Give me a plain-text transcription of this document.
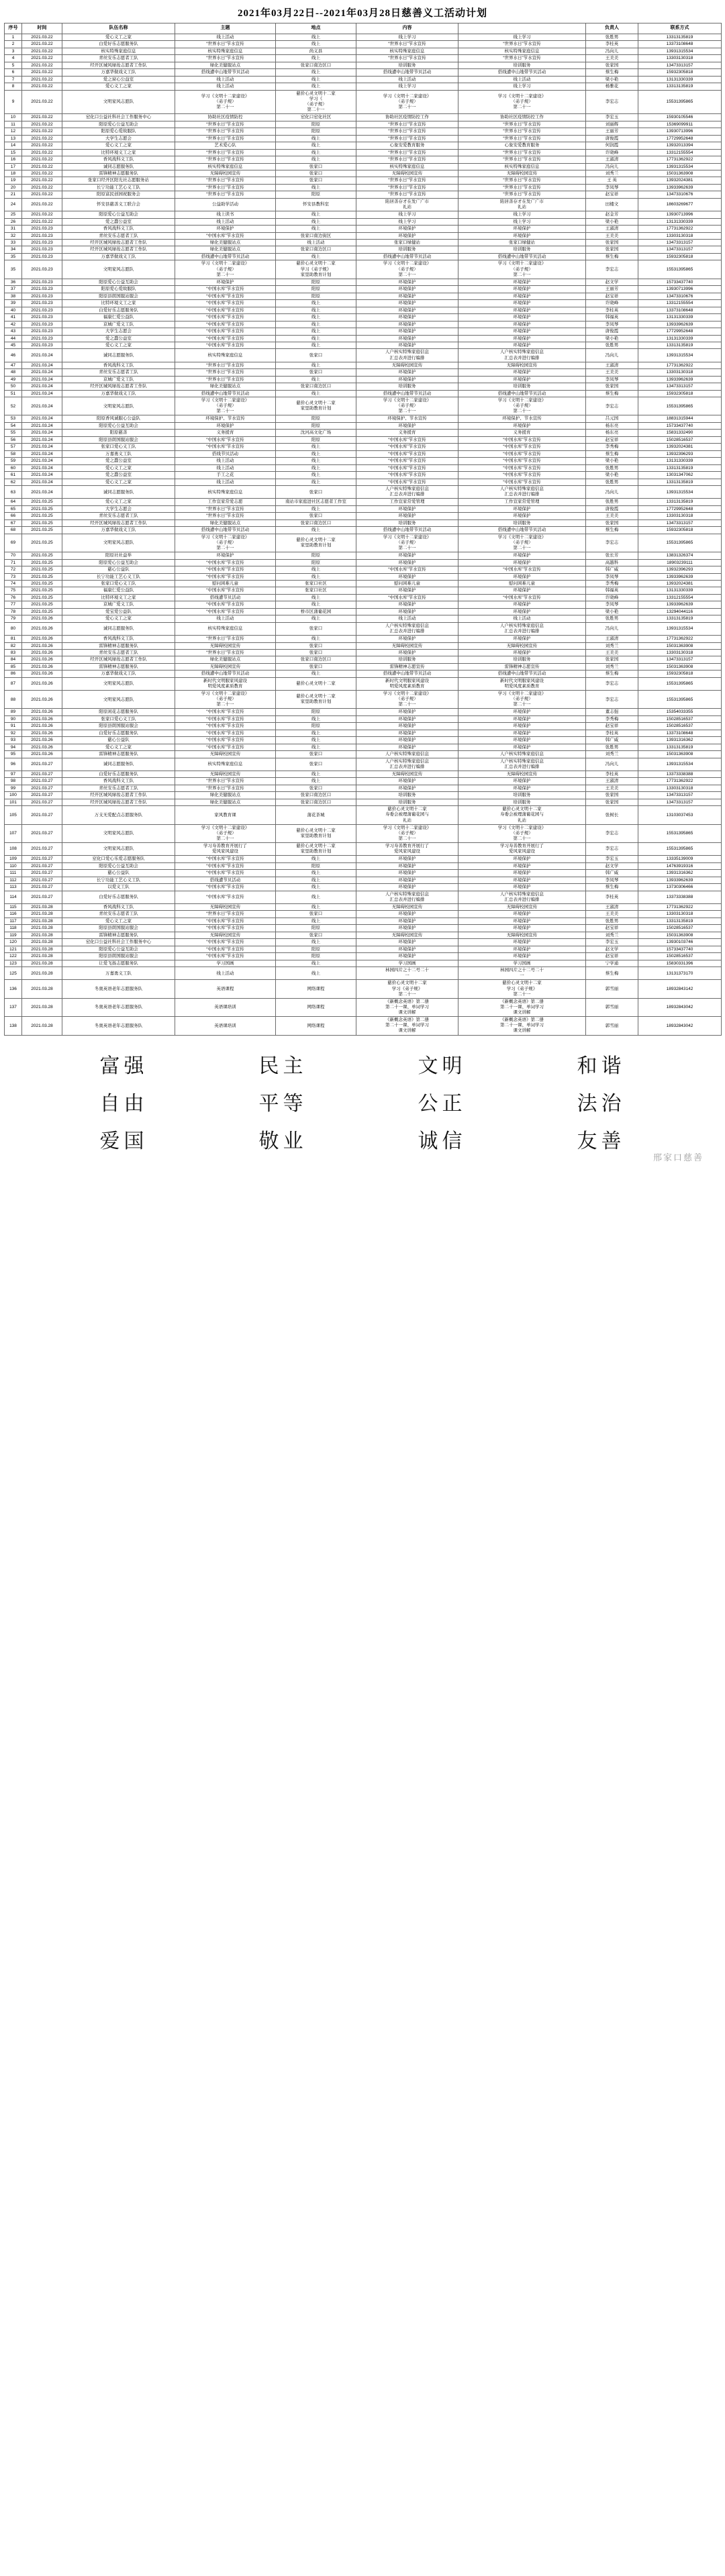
2021年03月22日--2021年03月28日慈善义工活动计划
序号	时间	队伍名称	主题	地点	内容		负责人	联系方式
1	2021.03.22	爱心义工之家	线上活动	线上	线上学习	线上学习	张胜男	13313135819
2	2021.03.22	白爱好乐志愿服务队	“世界水日”节水宣传	线上	“世界水日”节水宣传	“世界水日”节水宣传	李桂英	13373108648
3	2021.03.22	核实特殊家庭信息	核实特殊家庭信息	尚义县	核实特殊家庭信息	核实特殊家庭信息	冯向儿	13931315534
4	2021.03.22	青丝安乐志愿者工队	“世界水日”节水宣传	线上	“世界水日”节水宣传	“世界水日”节水宣传	王美美	13303130318
5	2021.03.22	经开区城风绿妆志愿者工作队	绿化美健服站点	张家口南边区口	培训服务	培训服务	张家国	13473313157
6	2021.03.22	万嘉华做戏义工队	搭线遭中山地带节贝活动	线上	搭线遭中山地带节贝活动	搭线遭中山地带节贝活动	蔡生梅	15932305818
7	2021.03.22	爱之窗心公益室	线上活动	线上	线上活动	线上活动	梁小艳	13131330339
8	2021.03.22	爱心义工之家	线上活动	线上	线上学习	线上学习	杨雅花	13313135819
9	2021.03.22	文明家风志愿队	学习《文明十二家建设》
（弟子规）
第二十一	慈价心灵文明十二家
学习《
（弟子规）
第二十一	学习《文明十二家建设》
（弟子规）
第二十一	学习《文明十二家建设》
（弟子规）
第二十一	李宏志	15531395865
10	2021.03.22	窒化口公益社科社会工作服务中心	协助社区疫情防控	窒化口窒化社区	协助社区疫情防控工作	协助社区疫情防控工作	李宏玉	15930105546
11	2021.03.22	阳原爱心公益互助会	“世界水日”节水宣传	阳原	“世界水日”节水宣传	“世界水日”节水宣传	刘丽辉	15369099911
12	2021.03.22	阳原爱心爱故服队	“世界水日”节水宣传	阳原	“世界水日”节水宣传	“世界水日”节水宣传	王丽芳	13930713996
13	2021.03.22	大学生志愿会	“世界水日”节水宣传	线上	“世界水日”节水宣传	“世界水日”节水宣传	唐俊霞	17729952648
14	2021.03.22	爱心义工之家	艺术爱心队	线上	心象安爱教育服务	心象安爱教育服务	何润霞	13932013394
15	2021.03.22	比特环境义工之家	“世界水日”节水宣传	线上	“世界水日”节水宣传	“世界水日”节水宣传	许晓峰	13312155554
16	2021.03.22	香风战科义工队	“世界水日”节水宣传	线上	“世界水日”节水宣传	“世界水日”节水宣传	王淑清	17731362922
17	2021.03.22	诚同志愿服务队	核实特殊家庭信息	张家口	核实特殊家庭信息	核实特殊家庭信息	冯向儿	13931315534
18	2021.03.22	雷锋精神志愿服务队	无障碍校园宣传	张家口	无障碍校园宣传	无障碍校园宣传	刘秀兰	15031363908
19	2021.03.22	张家口经开区阳光社志愿服务站	“世界水日”节水宣传	张家口	“世界水日”节水宣传	“世界水日”节水宣传	王 英	13932024381
20	2021.03.22	长宁功能工艺心义工队	“世界水日”节水宣传	线上	“世界水日”节水宣传	“世界水日”节水宣传	李凤琴	13933962639
21	2021.03.22	阳原富民创园祝服务会	“世界水日”节水宣传	阳原	“世界水日”节水宣传	“世界水日”节水宣传	赵宝祥	13473310676
24	2021.03.22	怀安县慈善义工联合会	公益助学活动	怀安县教科室	陷居善存才在发广广市
礼站	陷居善存才在发广广市
礼站	田楼文	18603269677
25	2021.03.22	阳原爱心公益互助会	线上读书	线上	线上学习	线上学习	赵金芳	13930713996
26	2021.03.22	爱之蠢公益室	线上活动	线上	线上学习	线上学习	梁小艳	13131330339
31	2021.03.23	香风战科义工队	环境保护	线上	环境保护	环境保护	王淑清	17731362922
32	2021.03.23	青丝安乐志愿者工队	“中国水库”节水宣传	张家口南边街区	环境保护	环境保护	王美美	13303130318
33	2021.03.23	经开区城风绿妆志愿者工作队	绿化美健服站点	线上活动	张家口绿健站	张家口绿健站	张家国	13473313157
34	2021.03.23	经开区城风绿妆志愿者工作队	绿化美健服站点	张家口南边区口	培训服务	培训服务	张家国	13473313157
35	2021.03.23	万嘉华做戏义工队	搭线遭中山地带节贝活动	线上	搭线遭中山地带节贝活动	搭线遭中山地带节贝活动	蔡生梅	15932305818
35	2021.03.23	文明家风志愿队	学习《文明十二家建设》
（弟子规）
第二十一	慈价心灵文明十二家
学习《弟子规》
家里助教育计划	学习《文明十二家建设》
（弟子规）
第二十一	学习《文明十二家建设》
（弟子规）
第二十一	李宏志	15531395865
36	2021.03.23	阳原爱心公益互助会	环境保护	阳原	环境保护	环境保护	赵文学	15733437740
37	2021.03.23	阳原爱心爱故服队	“中国水库”节水宣传	阳原	环境保护	环境保护	王丽芳	13930713996
38	2021.03.23	阳原县朗国服站服会	“中国水库”节水宣传	阳原	环境保护	环境保护	赵宝祥	13473310676
39	2021.03.23	比特环境义工之家	“中国水库”节水宣传	线上	环境保护	环境保护	许晓峰	13312155554
40	2021.03.23	白爱好乐志愿服务队	“中国水库”节水宣传	线上	环境保护	环境保护	李桂英	13373108648
41	2021.03.23	福康仁爱公益队	“中国水库”节水宣传	线上	环境保护	环境保护	韩福英	13131330339
42	2021.03.23	京城广爱义工队	“中国水库”节水宣传	线上	环境保护	环境保护	李凤琴	13933962639
43	2021.03.23	大学生志愿会	“中国水库”节水宣传	线上	环境保护	环境保护	唐俊霞	17729952648
44	2021.03.23	爱之蠢公益室	“中国水库”节水宣传	线上	环境保护	环境保护	梁小艳	13131330339
45	2021.03.23	爱心义工之家	“中国水库”节水宣传	线上	环境保护	环境保护	张胜男	13313135819
46	2021.03.24	诚同志愿服务队	核实特殊家庭信息	张家口	人户核实特殊家庭信息
汇总表并进行编排	人户核实特殊家庭信息
汇总表并进行编排	冯向儿	13931315534
47	2021.03.24	香风战科义工队	“世界水日”节水宣传	线上	无障碍校园宣传	无障碍校园宣传	王淑清	17731362922
48	2021.03.24	青丝安乐志愿者工队	“世界水日”节水宣传	张家口	环境保护	环境保护	王美美	13303130318
49	2021.03.24	京城广爱义工队	“世界水日”节水宣传	线上	环境保护	环境保护	李凤琴	13933962639
50	2021.03.24	经开区城风绿妆志愿者工作队	绿化美健服站点	张家口南边区口	培训服务	培训服务	张家国	13473313157
51	2021.03.24	万嘉华做戏义工队	搭线遭中山地带节贝活动	线上	搭线遭中山地带节贝活动	搭线遭中山地带节贝活动	蔡生梅	15932305818
52	2021.03.24	文明家风志愿队	学习《文明十二家建设》
（弟子规）
第二十一	慈价心灵文明十二家
家里助教育计划	学习《文明十二家建设》
（弟子规）
第二十一	学习《文明十二家建设》
（弟子规）
第二十一	李宏志	15531395865
53	2021.03.24	阳原香风诚服心公益队	环境保护、节水宣传	阳原	环境保护、节水宣传	环境保护、节水宣传	吕元国	18831315944
54	2021.03.24	阳原爱心公益互助会	环境保护	阳原	环境保护	环境保护	杨东亮	15733437740
55	2021.03.24	阳原慈善	义务援育	沈河高文化广场	义务援育	义务援育	杨东亮	15831332490
56	2021.03.24	阳原县朗国服站服会	“中国水库”节水宣传	阳原	“中国水库”节水宣传	“中国水库”节水宣传	赵宝祥	15028516537
57	2021.03.24	张家口爱心义工队	“中国水库”节水宣传	线上	“中国水库”节水宣传	“中国水库”节水宣传	李秀梅	13932024381
58	2021.03.24	万嘉勇义工队	搭线节贝活动	线上	“中国水库”节水宣传	“中国水库”节水宣传	蔡生梅	13932396293
59	2021.03.24	爱之蠢公益室	线上活动	线上	“中国水库”节水宣传	“中国水库”节水宣传	梁小艳	13131330339
60	2021.03.24	爱心义工之家	线上活动	线上	“中国水库”节水宣传	“中国水库”节水宣传	张胜男	13313135819
61	2021.03.24	爱之蠢公益室	手工之花	线上	“中国水库”节水宣传	“中国水库”节水宣传	梁小艳	13031347062
62	2021.03.24	爱心义工之家	线上活动	线上	“中国水库”节水宣传	“中国水库”节水宣传	张胜男	13313135819
63	2021.03.24	诚同志愿服务队	核实特殊家庭信息	张家口	人户核实特殊家庭信息
汇总表并进行编排	人户核实特殊家庭信息
汇总表并进行编排	冯向儿	13931315534
64	2021.03.25	爱心义工之家	工作宣家常爱志愿	南站市家庭进社区志愿者工作室	工作宣家常爱管理	工作宣家常爱管理	张胜男	13313135819
65	2021.03.25	大学生志愿会	“世界水日”节水宣传	线上	环境保护	环境保护	唐俊霞	17729952648
66	2021.03.25	青丝安乐志愿者工队	“世界水日”节水宣传	张家口	环境保护	环境保护	王美美	13303130318
67	2021.03.25	经开区城风绿妆志愿者工作队	绿化美健服站点	张家口南边区口	培训服务	培训服务	张家国	13473313157
68	2021.03.25	万嘉华做戏义工队	搭线遭中山地带节贝活动	线上	搭线遭中山地带节贝活动	搭线遭中山地带节贝活动	蔡生梅	15932305818
69	2021.03.25	文明家风志愿队	学习《文明十二家建设》
（弟子规）
第二十一	慈价心灵文明十二家
家里助教育计划	学习《文明十二家建设》
（弟子规）
第二十一	学习《文明十二家建设》
（弟子规）
第二十一	李宏志	15531395865
70	2021.03.25	阳原社社益举	环境保护	阳原	环境保护	环境保护	张长芳	13831326374
71	2021.03.25	阳原爱心公益互助会	“中国水库”节水宣传	阳原	环境保护	环境保护	高越科	18903239111
72	2021.03.25	慈心公益队	“中国水库”节水宣传	线上	“中国水库”节水宣传	“中国水库”节水宣传	韩广威	13932396293
73	2021.03.25	长宁功能工艺心义工队	“中国水库”节水宣传	线上	环境保护	环境保护	李凤琴	13933962639
74	2021.03.25	张家口爱心义工队	慰问困难儿童	张家口社区	慰问困难儿童	慰问困难儿童	李秀梅	13932024381
75	2021.03.25	福康仁爱公益队	“中国水库”节水宣传	张家口社区	环境保护	环境保护	韩福英	13131330339
76	2021.03.25	比特环境义工之家	搭线遭节贝活动	线上	“中国水库”节水宣传	“中国水库”节水宣传	许晓峰	13312155554
77	2021.03.25	京城广爱义工队	“中国水库”节水宣传	线上	环境保护	环境保护	李凤琴	13933962639
78	2021.03.25	爱宝爱公益队	“中国水库”节水宣传	桥市区蒲葡花园	环境保护	环境保护	梁小艳	13294044116
79	2021.03.26	爱心义工之家	线上活动	线上	线上活动	线上活动	张胜男	13313135819
80	2021.03.26	诚同志愿服务队	核实特殊家庭信息	张家口	人户核实特殊家庭信息
汇总表并进行编排	人户核实特殊家庭信息
汇总表并进行编排	冯向儿	13931315534
81	2021.03.26	香风战科义工队	“世界水日”节水宣传	线上	环境保护	环境保护	王淑清	17731362922
82	2021.03.26	雷锋精神志愿服务队	无障碍校园宣传	张家口	无障碍校园宣传	无障碍校园宣传	刘秀兰	15031363908
83	2021.03.26	青丝安乐志愿者工队	“世界水日”节水宣传	张家口	环境保护	环境保护	王美美	13303130318
84	2021.03.26	经开区城风绿妆志愿者工作队	绿化美健服站点	张家口南边区口	培训服务	培训服务	张家国	13473313157
85	2021.03.26	雷锋精神志愿服务队	无障碍校园宣传	张家口	雷锋精神志愿宣传	雷锋精神志愿宣传	刘秀兰	15031363908
86	2021.03.26	万嘉华做戏义工队	搭线遭中山地带节贝活动	线上	搭线遭中山地带节贝活动	搭线遭中山地带节贝活动	蔡生梅	15932305818
87	2021.03.26	文明家风志愿队	新时代文明服家风建设
明爱风度素质教育	慈价心灵文明十二家	新时代文明服家风建设
明爱风度素质教育	新时代文明服家风建设
明爱风度素质教育	李宏志	15531395865
88	2021.03.26	文明家风志愿队	学习《文明十二家建设》
（弟子规）
第二十一	慈价心灵文明十二家
家里助教育计划	学习《文明十二家建设》
（弟子规）
第二十一	学习《文明十二家建设》
（弟子规）
第二十一	李宏志	15531395865
89	2021.03.26	阳原闲花志愿服务队	“中国水库”节水宣传	阳原	环境保护	环境保护	董志强	15354033355
90	2021.03.26	张家口爱心义工队	“中国水库”节水宣传	线上	环境保护	环境保护	李秀梅	15028516537
91	2021.03.26	阳原县朗国服站服会	“中国水库”节水宣传	阳原	环境保护	环境保护	赵宝祥	15028516537
92	2021.03.26	白爱好乐志愿服务队	“中国水库”节水宣传	线上	环境保护	环境保护	李桂英	13373108648
93	2021.03.26	慈心公益队	“中国水库”节水宣传	线上	环境保护	环境保护	韩广威	13931316362
94	2021.03.26	爱心义工之家	“中国水库”节水宣传	线上	环境保护	环境保护	张胜男	13313135819
95	2021.03.26	雷锋精神志愿服务队	无障碍校园宣传	张家口	人户核实特殊家庭信息	人户核实特殊家庭信息	刘秀兰	15031363908
96	2021.03.27	诚同志愿服务队	核实特殊家庭信息	张家口	人户核实特殊家庭信息
汇总表并进行编排	人户核实特殊家庭信息
汇总表并进行编排	冯向儿	13931315534
97	2021.03.27	白爱好乐志愿服务队	无障碍校园宣传	线上	无障碍校园宣传	无障碍校园宣传	李桂英	13373338388
98	2021.03.27	香风战科义工队	“世界水日”节水宣传	线上	环境保护	环境保护	王淑清	17731362922
99	2021.03.27	青丝安乐志愿者工队	“世界水日”节水宣传	张家口	环境保护	环境保护	王美美	13303130318
100	2021.03.27	经开区城风绿妆志愿者工作队	绿化美健服站点	张家口南边区口	培训服务	培训服务	张家国	13473313157
101	2021.03.27	经开区城风绿妆志愿者工作队	绿化美健服站点	张家口南边区口	培训服务	培训服务	张家国	13473313157
105	2021.03.27	万支无爱配点志愿服务队	家风教育课	蒲花茶城	慈价心灵文明十二家
寿委会被理蒲葡花园与
礼站	慈价心灵文明十二家
寿委会被理蒲葡花园与
礼站	张树长	13103037453
107	2021.03.27	文明家风志愿队	学习《文明十二家建设》
（弟子规）
第二十一	慈价心灵文明十二家
家里助教育计划	学习《文明十二家建设》
（弟子规）
第二十一	学习《文明十二家建设》
（弟子规）
第二十一	李宏志	15531395865
108	2021.03.27	文明家风志愿队	学习寿善教育开展行了
爱风家风建设	慈价心灵文明十二家
家里助教育计划	学习寿善教育开展行了
爱风家风建设	学习寿善教育开展行了
爱风家风建设	李宏志	15531395865
109	2021.03.27	窒化口爱心乐爱志愿服务队	“中国水库”节水宣传	线上	环境保护	环境保护	李宏玉	13335139009
110	2021.03.27	阳原爱心公益互助会	“中国水库”节水宣传	阳原	环境保护	环境保护	赵文学	14763919316
111	2021.03.27	慈心公益队	“中国水库”节水宣传	线上	环境保护	环境保护	韩广威	13931316362
112	2021.03.27	长宁功能工艺心义工队	搭线遭节贝活动	线上	环境保护	环境保护	李凤琴	13933962639
113	2021.03.27	以爱义工队	“中国水库”节水宣传	线上	环境保护	环境保护	蔡生梅	13730306466
114	2021.03.27	白爱好乐志愿服务队	“中国水库”节水宣传	线上	人户核实特殊家庭信息
汇总表并进行编排	人户核实特殊家庭信息
汇总表并进行编排	李桂英	13373338388
115	2021.03.28	香风战科义工队	无障碍校园宣传	线上	无障碍校园宣传	无障碍校园宣传	王淑清	17731362922
116	2021.03.28	青丝安乐志愿者工队	“世界水日”节水宣传	张家口	环境保护	环境保护	王美美	13303130318
117	2021.03.28	爱心义工之家	“中国水库”节水宣传	线上	环境保护	环境保护	张胜男	13313135819
118	2021.03.28	阳原县朗国服站服会	“中国水库”节水宣传	阳原	环境保护	环境保护	赵宝祥	15028516537
119	2021.03.28	雷锋精神志愿服务队	无障碍校园宣传	张家口	无障碍校园宣传	无障碍校园宣传	刘秀兰	15031363908
120	2021.03.28	窒化口公益社科社会工作服务中心	“中国水库”节水宣传	线上	环境保护	环境保护	李宏玉	13930103746
121	2021.03.28	阳原爱心公益互助会	“中国水库”节水宣传	阳原	环境保护	环境保护	赵文学	15733437740
122	2021.03.28	阳原县朗国服站服会	“中国水库”节水宣传	阳原	环境保护	环境保护	赵宝祥	15028516537
123	2021.03.28	让爱飞扬志愿服务队	学习国画	线上	学习国画	学习国画	宁学通	15830331396
125	2021.03.28	万嘉勇义工队	线上活动	线上	林园四片之十二号二十
一	林园四片之十二号二十
一	蔡生梅	13131373170
136	2021.03.28	冬奥英语老年志愿服务队	英语课程	网络课程	慈价心灵文明十二家
学习《弟子规》
第二十一	慈价心灵文明十二家
学习《弟子规》
第二十一	郭雪丽	18932843142
137	2021.03.28	冬奥英语老年志愿服务队	英语课培训	网络课程	《新概念英语》第二册
第二十一课、单词学习
课文讲解	《新概念英语》第二册
第二十一课、单词学习
课文讲解	郭雪丽	18932843042
138	2021.03.28	冬奥英语老年志愿服务队	英语课培训	网络课程	《新概念英语》第二册
第二十一课、单词学习
课文讲解	《新概念英语》第二册
第二十一课、单词学习
课文讲解	郭雪丽	18932843042
富强	民主	文明	和谐
自由	平等	公正	法治
爱国	敬业	诚信	友善
邢家口慈善
